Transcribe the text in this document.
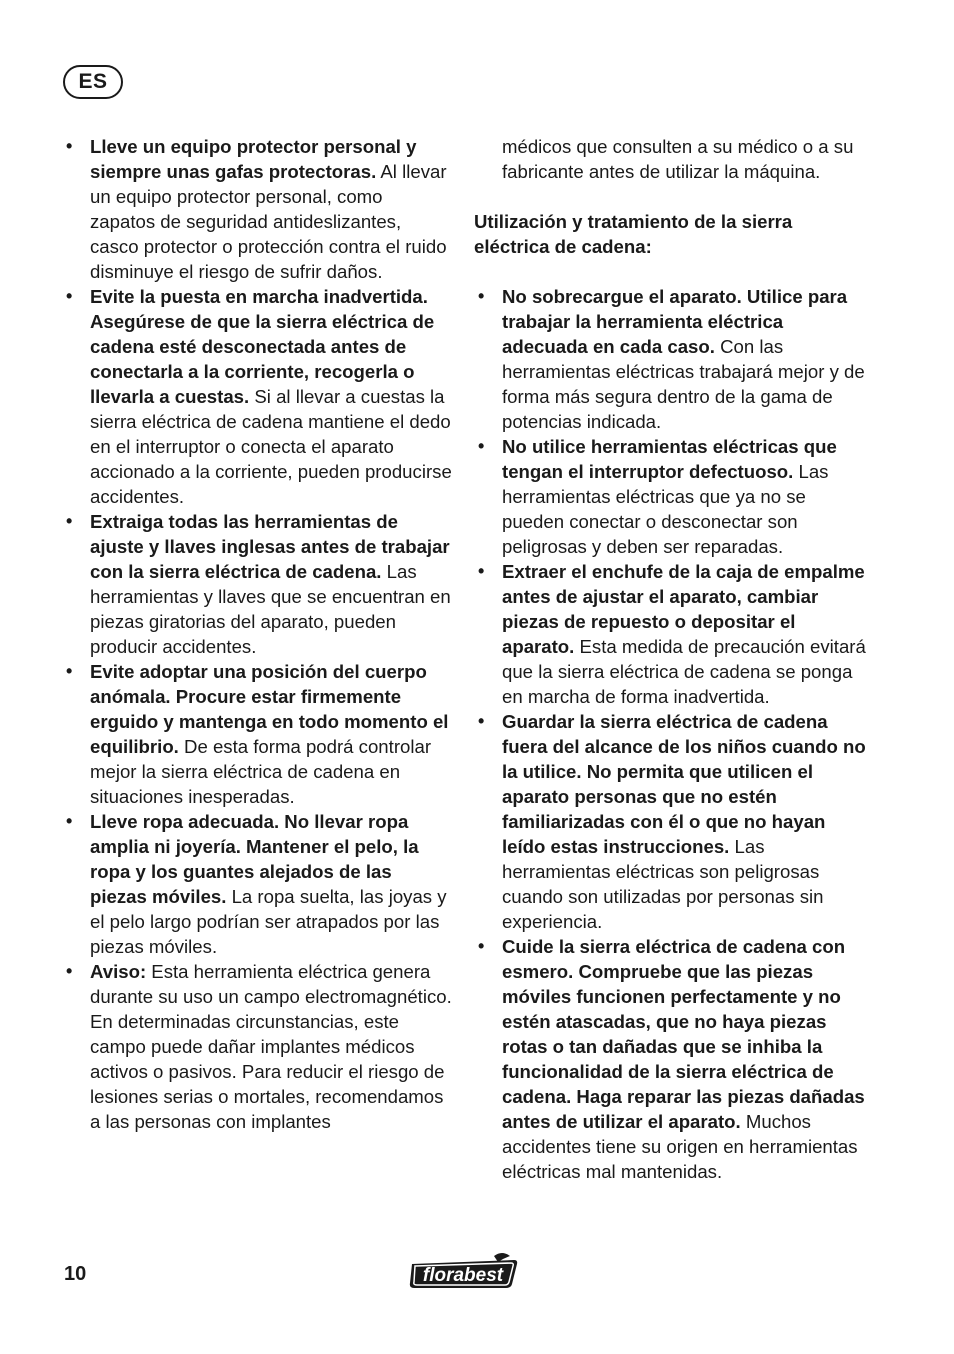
ES
• Lleve un equipo protector personal y siempre unas gafas protectoras. Al llevar un equipo protector personal, como zapatos de seguridad antideslizantes, casco protector o protección contra el ruido disminuye el riesgo de sufrir daños.
• Evite la puesta en marcha inadvertida. Asegúrese de que la sierra eléctrica de cadena esté desconectada antes de conectarla a la corriente, recogerla o llevarla a cuestas. Si al llevar a cuestas la sierra eléctrica de cadena mantiene el dedo en el interruptor o conecta el aparato accionado a la corriente, pueden producirse accidentes.
• Extraiga todas las herramientas de ajuste y llaves inglesas antes de trabajar con la sierra eléctrica de cadena. Las herramientas y llaves que se encuentran en piezas giratorias del aparato, pueden producir accidentes.
• Evite adoptar una posición del cuerpo anómala. Procure estar firmemente erguido y mantenga en todo momento el equilibrio. De esta forma podrá controlar mejor la sierra eléctrica de cadena en situaciones inesperadas.
• Lleve ropa adecuada. No llevar ropa amplia ni joyería. Mantener el pelo, la ropa y los guantes alejados de las piezas móviles. La ropa suelta, las joyas y el pelo largo podrían ser atrapados por las piezas móviles.
• Aviso: Esta herramienta eléctrica genera durante su uso un campo electromagnético. En determinadas circunstancias, este campo puede dañar implantes médicos activos o pasivos. Para reducir el riesgo de lesiones serias o mortales, recomendamos a las personas con implantes
médicos que consulten a su médico o a su fabricante antes de utilizar la máquina.
Utilización y tratamiento de la sierra eléctrica de cadena:
• No sobrecargue el aparato. Utilice para trabajar la herramienta eléctrica adecuada en cada caso. Con las herramientas eléctricas trabajará mejor y de forma más segura dentro de la gama de potencias indicada.
• No utilice herramientas eléctricas que tengan el interruptor defectuoso. Las herramientas eléctricas que ya no se pueden conectar o desconectar son peligrosas y deben ser reparadas.
• Extraer el enchufe de la caja de empalme antes de ajustar el aparato, cambiar piezas de repuesto o depositar el aparato. Esta medida de precaución evitará que la sierra eléctrica de cadena se ponga en marcha de forma inadvertida.
• Guardar la sierra eléctrica de cadena fuera del alcance de los niños cuando no la utilice. No permita que utilicen el aparato personas que no estén familiarizadas con él o que no hayan leído estas instrucciones. Las herramientas eléctricas son peligrosas cuando son utilizadas por personas sin experiencia.
• Cuide la sierra eléctrica de cadena con esmero. Compruebe que las piezas móviles funcionen perfectamente y no estén atascadas, que no haya piezas rotas o tan dañadas que se inhiba la funcionalidad de la sierra eléctrica de cadena. Haga reparar las piezas dañadas antes de utilizar el aparato. Muchos accidentes tiene su origen en herramientas eléctricas mal mantenidas.
10	florabest
